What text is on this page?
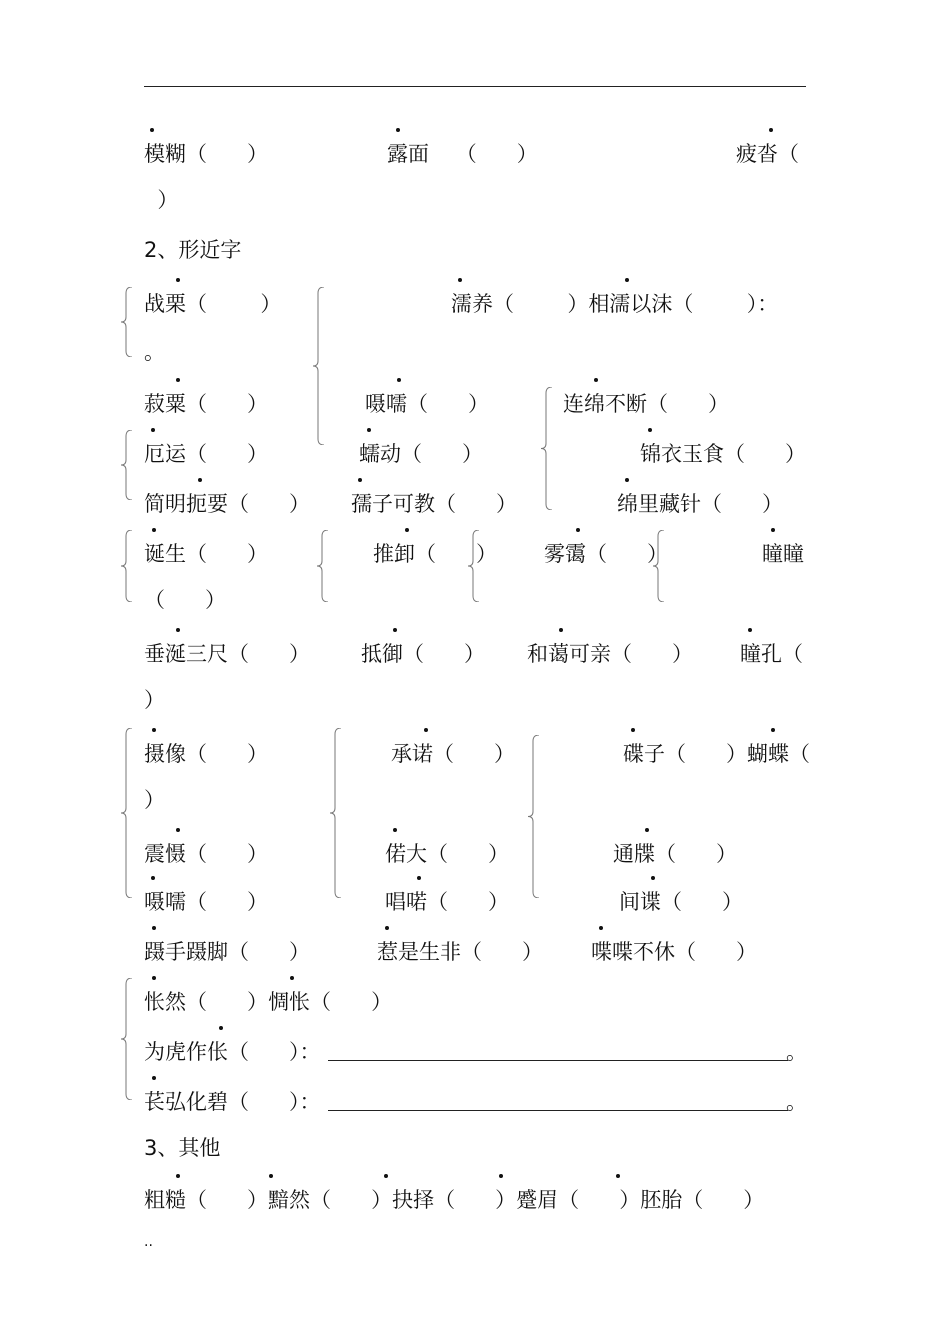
模糊（      ）	露面    （      ）	疲沓（
）
2、形近字
战栗（        ）	濡养（        ）相濡以沫（        ）：
。
菽粟（      ）	嗫嚅（      ）	连绵不断（      ）
厄运（      ）	蠕动（      ）	锦衣玉食（      ）
简明扼要（      ） 孺子可教（      ）	绵里藏针（      ）
诞生（      ）	推卸（      ） 雾霭（      ）	瞳瞳
（      ）
垂涎三尺（      ） 抵御（      ） 和蔼可亲（      ） 瞳孔（
）
摄像（      ）	承诺（      ）	碟子（      ）蝴蝶（
）
震慑（      ）	偌大（      ）	通牒（      ）
嗫嚅（      ）	唱喏（      ）	间谍（      ）
蹑手蹑脚（      ）	惹是生非（      ） 喋喋不休（      ）
怅然（      ）惆怅（      ）
为虎作伥（      ）：	。
苌弘化碧（      ）：	。
3、其他
粗糙（      ）黯然（      ）抉择（      ）蹙眉（      ）胚胎（      ）
..
